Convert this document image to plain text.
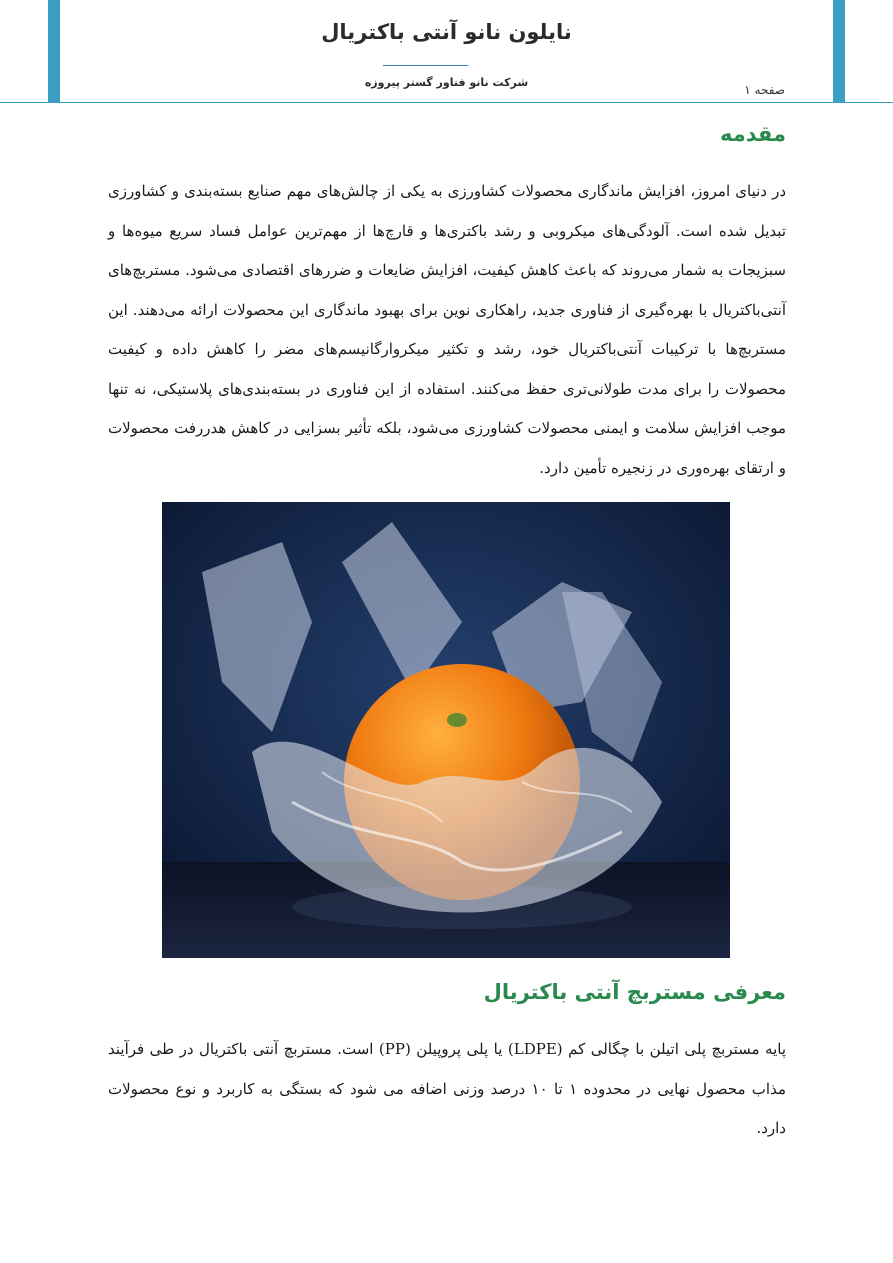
نایلون نانو آنتی باکتریال
شرکت نانو فناور گستر پیروزه
صفحه ۱
مقدمه

در دنیای امروز، افزایش ماندگاری محصولات کشاورزی به یکی از چالش‌های مهم صنایع بسته‌بندی و کشاورزی تبدیل شده است. آلودگی‌های میکروبی و رشد باکتری‌ها و قارچ‌ها از مهم‌ترین عوامل فساد سریع میوه‌ها و سبزیجات به شمار می‌روند که باعث کاهش کیفیت، افزایش ضایعات و ضررهای اقتصادی می‌شود. مستربچ‌های آنتی‌باکتریال با بهره‌گیری از فناوری جدید، راهکاری نوین برای بهبود ماندگاری این محصولات ارائه می‌دهند. این مستربچ‌ها با ترکیبات آنتی‌باکتریال خود، رشد و تکثیر میکروارگانیسم‌های مضر را کاهش داده و کیفیت محصولات را برای مدت طولانی‌تری حفظ می‌کنند. استفاده از این فناوری در بسته‌بندی‌های پلاستیکی، نه تنها موجب افزایش سلامت و ایمنی محصولات کشاورزی می‌شود، بلکه تأثیر بسزایی در کاهش هدررفت محصولات و ارتقای بهره‌وری در زنجیره تأمین دارد.

معرفی مستربچ آنتی باکتریال

پایه مستربچ پلی اتیلن با چگالی کم (LDPE) یا پلی پروپیلن (PP) است. مستربچ آنتی باکتریال در طی فرآیند مذاب محصول نهایی در محدوده ۱ تا ۱۰ درصد وزنی اضافه می شود که بستگی به کاربرد و نوع محصولات دارد.
